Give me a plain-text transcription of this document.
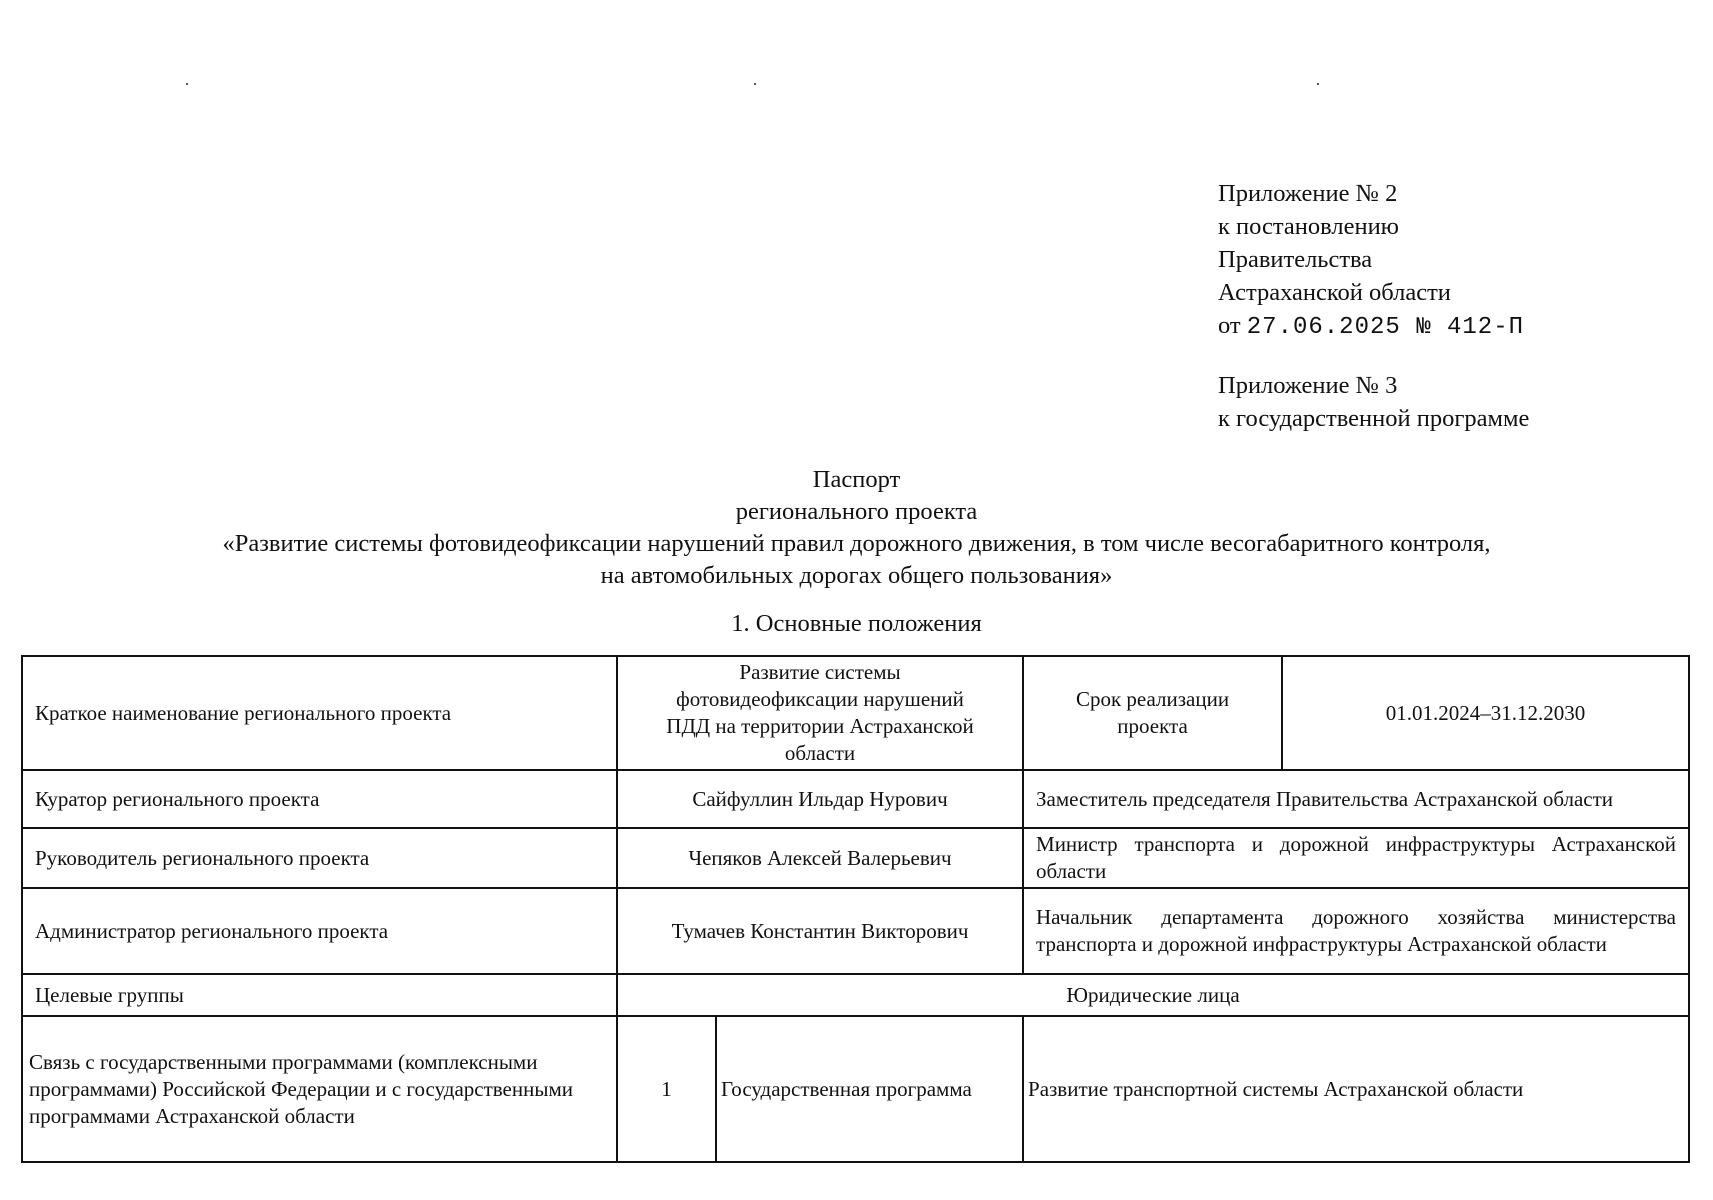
Приложение № 2
к постановлению
Правительства
Астраханской области
от 27.06.2025 № 412-П
Приложение № 3
к государственной программе
Паспорт
регионального проекта
«Развитие системы фотовидеофиксации нарушений правил дорожного движения, в том числе весогабаритного контроля,
на автомобильных дорогах общего пользования»
1. Основные положения
Краткое наименование регионального проекта	Развитие системы фотовидеофиксации нарушений ПДД на территории Астраханской области		Срок реализации проекта	01.01.2024–31.12.2030
Куратор регионального проекта	Сайфуллин Ильдар Нурович		Заместитель председателя Правительства Астраханской области	
Руководитель регионального проекта	Чепяков Алексей Валерьевич		Министр транспорта и дорожной инфраструктуры Астраханской области	
Администратор регионального проекта	Тумачев Константин Викторович		Начальник департамента дорожного хозяйства министерства транспорта и дорожной инфраструктуры Астраханской области	
Целевые группы	Юридические лица			
Связь с государственными программами (комплексными программами) Российской Федерации и с государственными программами Астраханской области	1	Государственная программа	Развитие транспортной системы Астраханской области	
